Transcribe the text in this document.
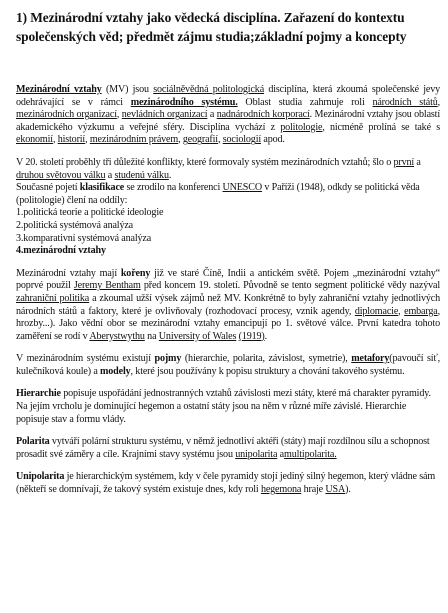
1) Mezinárodní vztahy jako vědecká disciplína. Zařazení do kontextu společenských věd; předmět zájmu studia;základní pojmy a koncepty

Mezinárodní vztahy (MV) jsou sociálněvědná politologická disciplína, která zkoumá společenské jevy odehrávající se v rámci mezinárodního systému. Oblast studia zahrnuje roli národních států, mezinárodních organizací, nevládních organizací a nadnárodních korporací. Mezinárodní vztahy jsou oblastí akademického výzkumu a veřejné sféry. Disciplína vychází z politologie, nicméně prolíná se také s ekonomií, historií, mezinárodním právem, geografií, sociologií apod.

V 20. století proběhly tři důležité konflikty, které formovaly systém mezinárodních vztahů; šlo o první a druhou světovou válku a studenú válku.

Současné pojetí klasifikace se zrodilo na konferenci UNESCO v Paříži (1948), odkdy se politická věda (politologie) člení na oddíly:

1.politická teorie a politické ideologie

2.politická systémová analýza

3.komparativní systémová analýza

4.mezinárodní vztahy

Mezinárodní vztahy mají kořeny již ve staré Číně, Indii a antickém světě. Pojem „mezinárodní vztahy“ poprvé použil Jeremy Bentham před koncem 19. století. Původně se tento segment politické vědy nazýval zahraniční politika a zkoumal užší výsek zájmů než MV. Konkrétně to byly zahraniční vztahy jednotlivých národních států a faktory, které je ovlivňovaly (rozhodovací procesy, vznik agendy, diplomacie, embarga, hrozby...). Jako vědní obor se mezinárodní vztahy emancipují po 1. světové válce. První katedra tohoto zaměření se rodí v Aberystwythu na University of Wales (1919).

V mezinárodním systému existují pojmy (hierarchie, polarita, závislost, symetrie), metafory(pavoučí síť, kulečníková koule) a modely, které jsou používány k popisu struktury a chování takového systému.

Hierarchie popisuje uspořádání jednostranných vztahů závislosti mezi státy, které má charakter pyramidy. Na jejím vrcholu je dominující hegemon a ostatní státy jsou na něm v různé míře závislé. Hierarchie popisuje stav a formu vlády.

Polarita vytváří polární strukturu systému, v němž jednotliví aktéři (státy) mají rozdílnou sílu a schopnost prosadit své záměry a cíle. Krajními stavy systému jsou unipolarita amultipolarita.

Unipolarita je hierarchickým systémem, kdy v čele pyramidy stojí jediný silný hegemon, který vládne sám (někteří se domnívají, že takový systém existuje dnes, kdy roli hegemona hraje USA).
